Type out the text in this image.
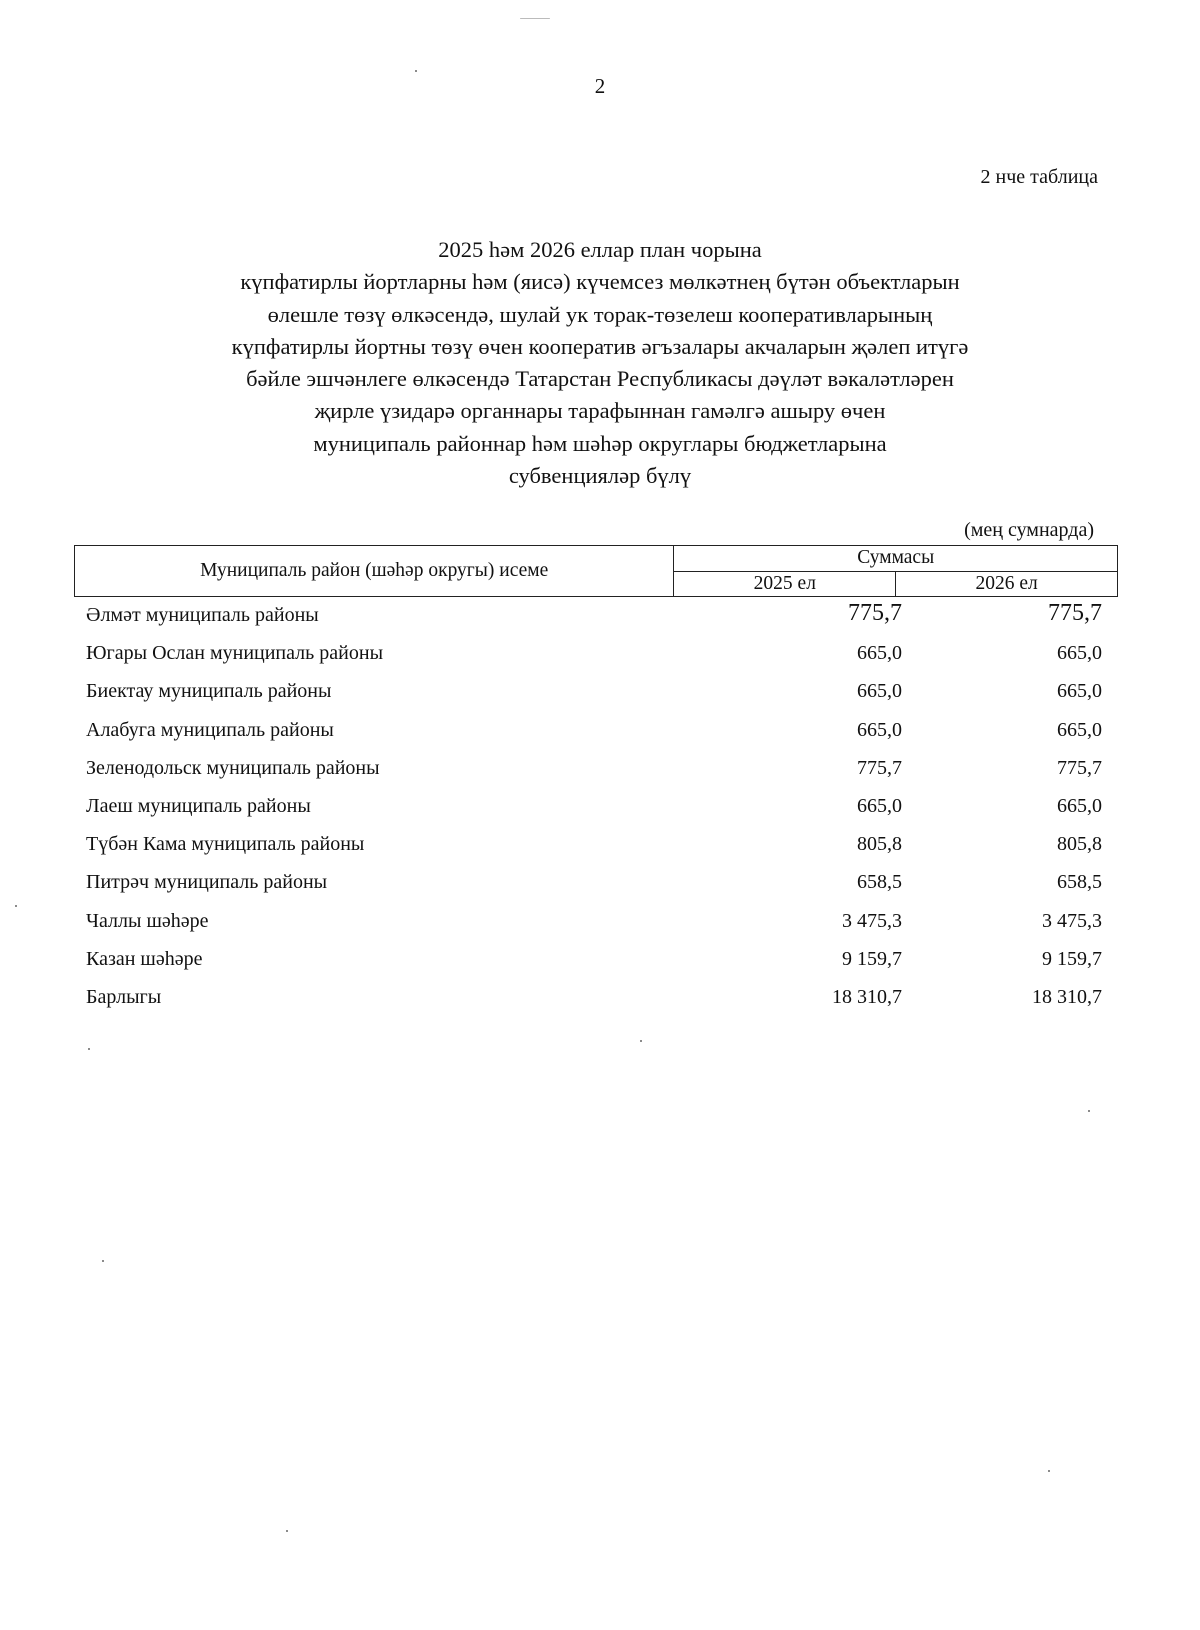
2
2 нче таблица
2025 һәм 2026 еллар план чорына
күпфатирлы йортларны һәм (яисә) күчемсез мөлкәтнең бүтән объектларын
өлешле төзү өлкәсендә, шулай ук торак-төзелеш кооперативларының
күпфатирлы йортны төзү өчен кооператив әгъзалары акчаларын җәлеп итүгә
бәйле эшчәнлеге өлкәсендә Татарстан Республикасы дәүләт вәкаләтләрен
җирле үзидарә органнары тарафыннан гамәлгә ашыру өчен
муниципаль районнар һәм шәһәр округлары бюджетларына
субвенцияләр бүлү
(мең сумнарда)
Муниципаль район (шәһәр округы) исеме	Суммасы	
	2025 ел	2026 ел
Әлмәт муниципаль районы	775,7	775,7
Югары Ослан муниципаль районы	665,0	665,0
Биектау муниципаль районы	665,0	665,0
Алабуга муниципаль районы	665,0	665,0
Зеленодольск муниципаль районы	775,7	775,7
Лаеш муниципаль районы	665,0	665,0
Түбән Кама муниципаль районы	805,8	805,8
Питрәч муниципаль районы	658,5	658,5
Чаллы шәһәре	3 475,3	3 475,3
Казан шәһәре	9 159,7	9 159,7
Барлыгы	18 310,7	18 310,7
